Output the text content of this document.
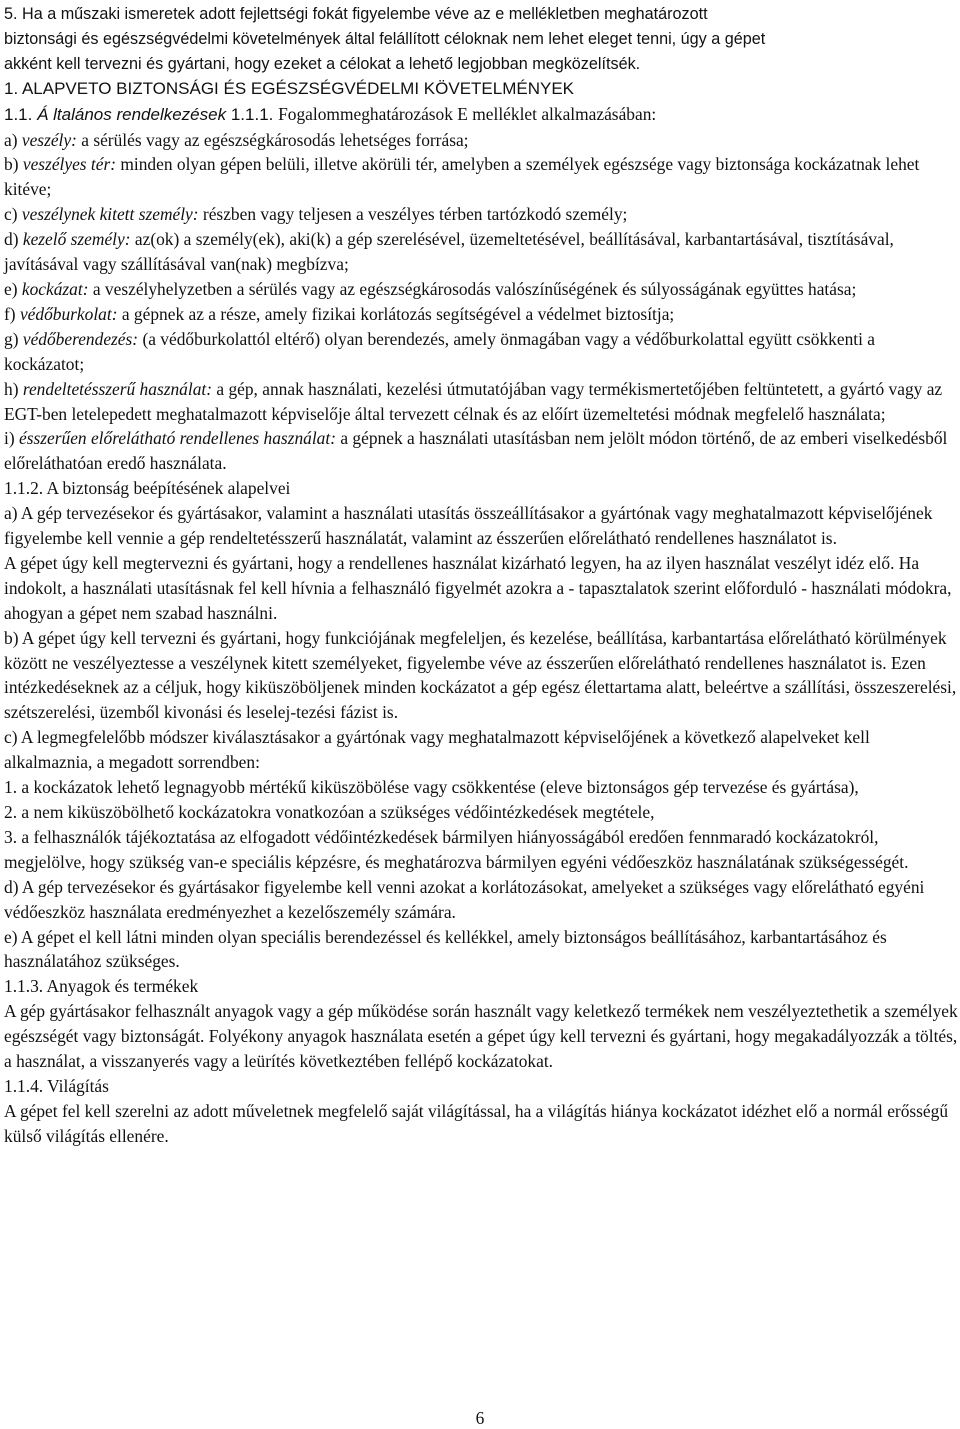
5. Ha a műszaki ismeretek adott fejlettségi fokát figyelembe véve az e mellékletben meghatározott

biztonsági és egészségvédelmi követelmények által felállított céloknak nem lehet eleget tenni, úgy a gépet

akként kell tervezni és gyártani, hogy ezeket a célokat a lehető legjobban megközelítsék.

1. ALAPVETO BIZTONSÁGI ÉS EGÉSZSÉGVÉDELMI KÖVETELMÉNYEK

1.1. Á ltalános rendelkezések 1.1.1. Fogalommeghatározások E melléklet alkalmazásában:

a) veszély: a sérülés vagy az egészségkárosodás lehetséges forrása;

b) veszélyes tér: minden olyan gépen belüli, illetve akörüli tér, amelyben a személyek egészsége vagy biztonsága kockázatnak lehet kitéve;

c) veszélynek kitett személy: részben vagy teljesen a veszélyes térben tartózkodó személy;

d) kezelő személy: az(ok) a személy(ek), aki(k) a gép szerelésével, üzemeltetésével, beállításával, karbantartásával, tisztításával, javításával vagy szállításával van(nak) megbízva;

e) kockázat: a veszélyhelyzetben a sérülés vagy az egészségkárosodás valószínűségének és súlyosságának együttes hatása;

f) védőburkolat: a gépnek az a része, amely fizikai korlátozás segítségével a védelmet biztosítja;

g) védőberendezés: (a védőburkolattól eltérő) olyan berendezés, amely önmagában vagy a védőburkolattal együtt csökkenti a kockázatot;

h) rendeltetésszerű használat: a gép, annak használati, kezelési útmutatójában vagy termékismertetőjében feltüntetett, a gyártó vagy az EGT-ben letelepedett meghatalmazott képviselője által tervezett célnak és az előírt üzemeltetési módnak megfelelő használata;

i) ésszerűen előrelátható rendellenes használat: a gépnek a használati utasításban nem jelölt módon történő, de az emberi viselkedésből előreláthatóan eredő használata.

1.1.2. A biztonság beépítésének alapelvei

a) A gép tervezésekor és gyártásakor, valamint a használati utasítás összeállításakor a gyártónak vagy meghatalmazott képviselőjének figyelembe kell vennie a gép rendeltetésszerű használatát, valamint az ésszerűen előrelátható rendellenes használatot is.

A gépet úgy kell megtervezni és gyártani, hogy a rendellenes használat kizárható legyen, ha az ilyen használat veszélyt idéz elő. Ha indokolt, a használati utasításnak fel kell hívnia a felhasználó figyelmét azokra a - tapasztalatok szerint előforduló - használati módokra, ahogyan a gépet nem szabad használni.

b) A gépet úgy kell tervezni és gyártani, hogy funkciójának megfeleljen, és kezelése, beállítása, karbantartása előrelátható körülmények között ne veszélyeztesse a veszélynek kitett személyeket, figyelembe véve az ésszerűen előrelátható rendellenes használatot is. Ezen intézkedéseknek az a céljuk, hogy kiküszöböljenek minden kockázatot a gép egész élettartama alatt, beleértve a szállítási, összeszerelési, szétszerelési, üzemből kivonási és leselej-tezési fázist is.

c) A legmegfelelőbb módszer kiválasztásakor a gyártónak vagy meghatalmazott képviselőjének a következő alapelveket kell alkalmaznia, a megadott sorrendben:

1. a kockázatok lehető legnagyobb mértékű kiküszöbölése vagy csökkentése (eleve biztonságos gép tervezése és gyártása),

2. a nem kiküszöbölhető kockázatokra vonatkozóan a szükséges védőintézkedések megtétele,

3. a felhasználók tájékoztatása az elfogadott védőintézkedések bármilyen hiányosságából eredően fennmaradó kockázatokról, megjelölve, hogy szükség van-e speciális képzésre, és meghatározva bármilyen egyéni védőeszköz használatának szükségességét.

d) A gép tervezésekor és gyártásakor figyelembe kell venni azokat a korlátozásokat, amelyeket a szükséges vagy előrelátható egyéni védőeszköz használata eredményezhet a kezelőszemély számára.

e) A gépet el kell látni minden olyan speciális berendezéssel és kellékkel, amely biztonságos beállításához, karbantartásához és használatához szükséges.

1.1.3. Anyagok és termékek

A gép gyártásakor felhasznált anyagok vagy a gép működése során használt vagy keletkező termékek nem veszélyeztethetik a személyek egészségét vagy biztonságát. Folyékony anyagok használata esetén a gépet úgy kell tervezni és gyártani, hogy megakadályozzák a töltés, a használat, a visszanyerés vagy a leürítés következtében fellépő kockázatokat.

1.1.4. Világítás

A gépet fel kell szerelni az adott műveletnek megfelelő saját világítással, ha a világítás hiánya kockázatot idézhet elő a normál erősségű külső világítás ellenére.

6
